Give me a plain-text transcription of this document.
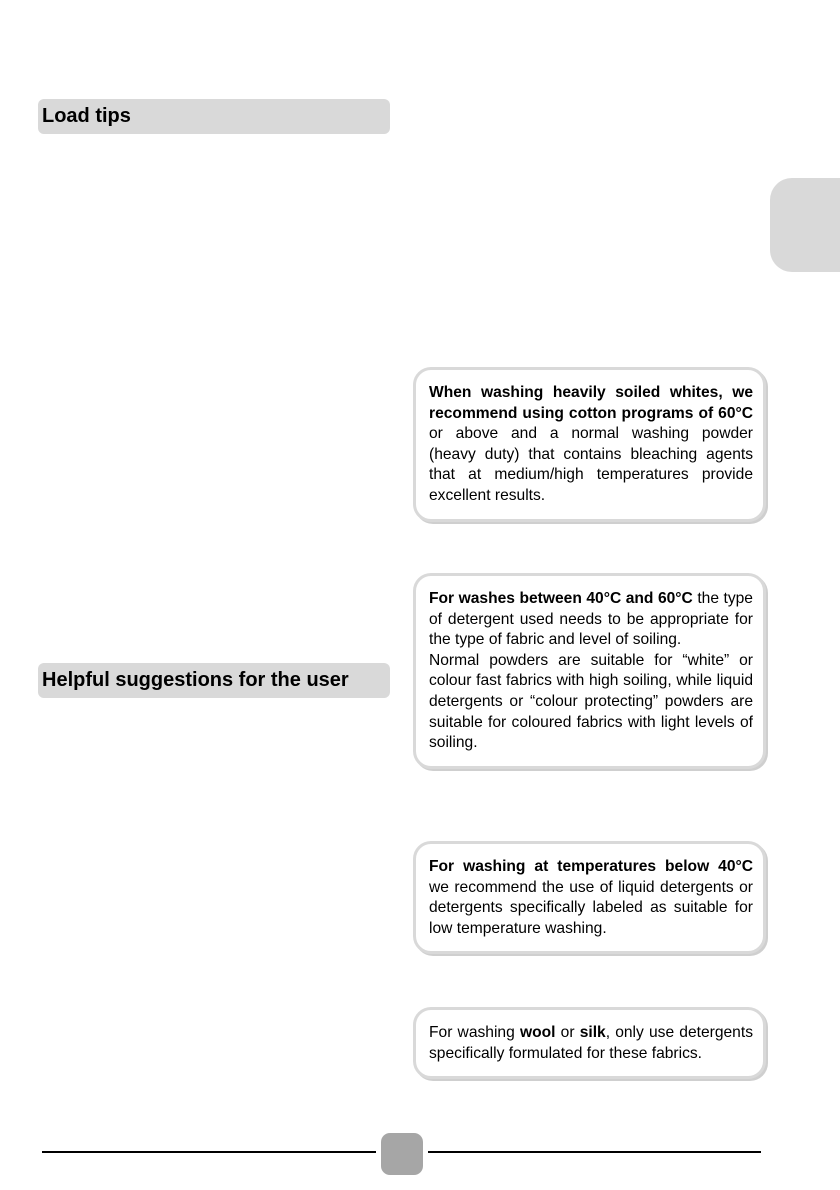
Load tips
Helpful suggestions for the user

When washing heavily soiled whites, we recommend using cotton programs of 60°C or above and a normal washing powder (heavy duty) that contains bleaching agents that at medium/high temperatures provide excellent results.

For washes between 40°C and 60°C the type of detergent used needs to be appropriate for the type of fabric and level of soiling.

Normal powders are suitable for “white” or colour fast fabrics with high soiling, while liquid detergents or “colour protecting” powders are suitable for coloured fabrics with light levels of soiling.

For washing at temperatures below 40°C we recommend the use of liquid detergents or detergents specifically labeled as suitable for low temperature washing.

For washing wool or silk, only use detergents specifically formulated for these fabrics.
